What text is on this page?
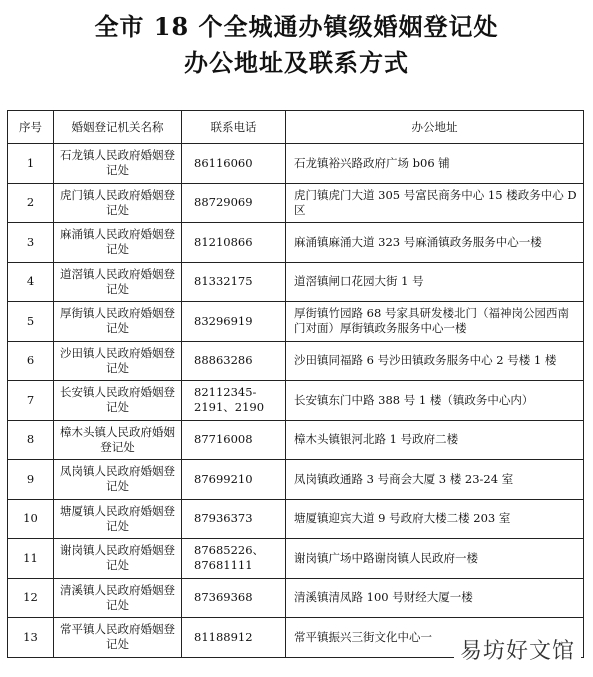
全市 18 个全城通办镇级婚姻登记处
办公地址及联系方式
序号	婚姻登记机关名称	联系电话	办公地址
1	石龙镇人民政府婚姻登记处	86116060	石龙镇裕兴路政府广场 b06 铺
2	虎门镇人民政府婚姻登记处	88729069	虎门镇虎门大道 305 号富民商务中心 15 楼政务中心 D 区
3	麻涌镇人民政府婚姻登记处	81210866	麻涌镇麻涌大道 323 号麻涌镇政务服务中心一楼
4	道滘镇人民政府婚姻登记处	81332175	道滘镇闸口花园大街 1 号
5	厚街镇人民政府婚姻登记处	83296919	厚街镇竹园路 68 号家具研发楼北门（福神岗公园西南门对面）厚街镇政务服务中心一楼
6	沙田镇人民政府婚姻登记处	88863286	沙田镇同福路 6 号沙田镇政务服务中心 2 号楼 1 楼
7	长安镇人民政府婚姻登记处	82112345-2191、2190	长安镇东门中路 388 号 1 楼（镇政务中心内）
8	樟木头镇人民政府婚姻登记处	87716008	樟木头镇银河北路 1 号政府二楼
9	凤岗镇人民政府婚姻登记处	87699210	凤岗镇政通路 3 号商会大厦 3 楼 23-24 室
10	塘厦镇人民政府婚姻登记处	87936373	塘厦镇迎宾大道 9 号政府大楼二楼 203 室
11	谢岗镇人民政府婚姻登记处	87685226、87681111	谢岗镇广场中路谢岗镇人民政府一楼
12	清溪镇人民政府婚姻登记处	87369368	清溪镇清凤路 100 号财经大厦一楼
13	常平镇人民政府婚姻登记处	81188912	常平镇振兴三街文化中心一
易坊好文馆
